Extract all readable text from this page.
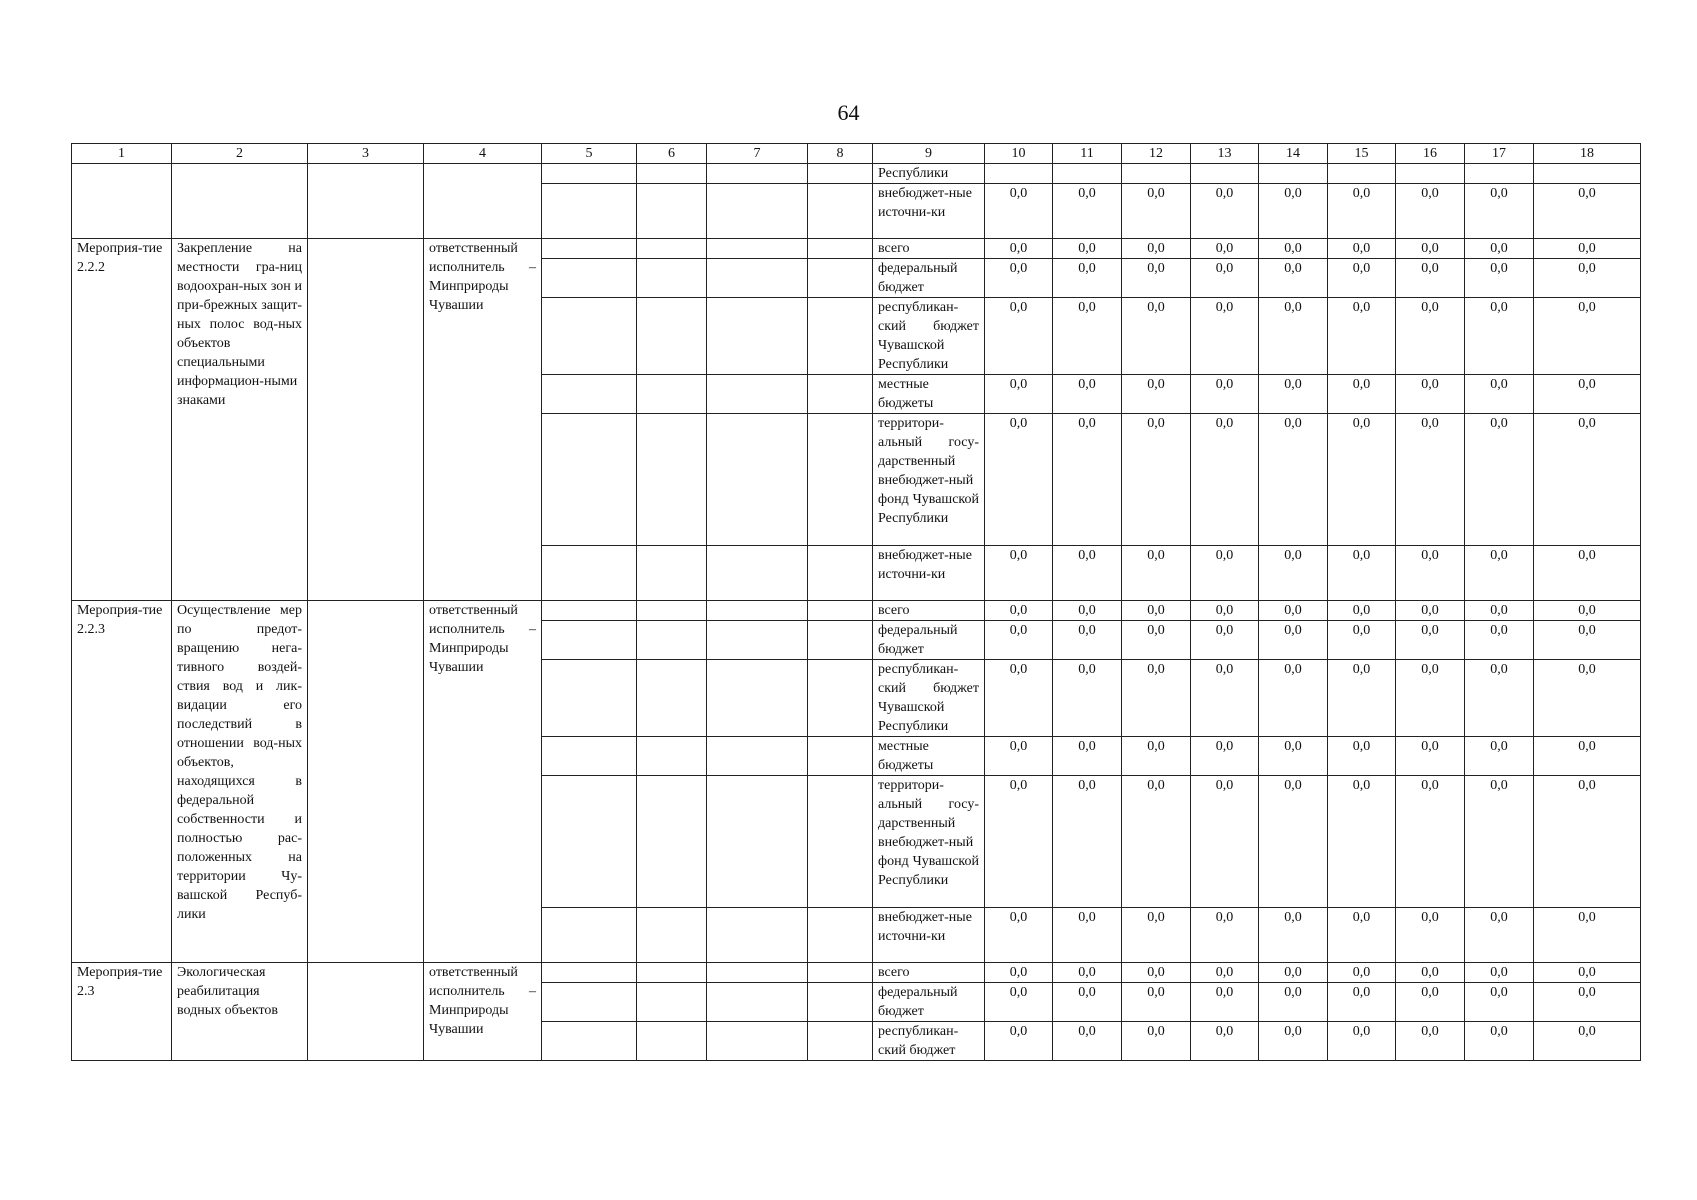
64
1	2	3	4	5	6	7	8	9	10	11	12	13	14	15	16	17	18
								Республики									
								внебюджет-ные источни-ки	0,0	0,0	0,0	0,0	0,0	0,0	0,0	0,0	0,0
Мероприя-тие 2.2.2	Закрепление на местности гра-ниц водоохран-ных зон и при-брежных защит-ных полос вод-ных объектов специальными информацион-ными знаками		ответственный исполнитель – Минприроды Чувашии					всего	0,0	0,0	0,0	0,0	0,0	0,0	0,0	0,0	0,0
								федеральный бюджет	0,0	0,0	0,0	0,0	0,0	0,0	0,0	0,0	0,0
								республикан-ский бюджет Чувашской Республики	0,0	0,0	0,0	0,0	0,0	0,0	0,0	0,0	0,0
								местные бюджеты	0,0	0,0	0,0	0,0	0,0	0,0	0,0	0,0	0,0
								территори-альный госу-дарственный внебюджет-ный фонд Чувашской Республики	0,0	0,0	0,0	0,0	0,0	0,0	0,0	0,0	0,0
								внебюджет-ные источни-ки	0,0	0,0	0,0	0,0	0,0	0,0	0,0	0,0	0,0
Мероприя-тие 2.2.3	Осуществление мер по предот-вращению нега-тивного воздей-ствия вод и лик-видации его последствий в отношении вод-ных объектов, находящихся в федеральной собственности и полностью рас-положенных на территории Чу-вашской Респуб-лики		ответственный исполнитель – Минприроды Чувашии					всего	0,0	0,0	0,0	0,0	0,0	0,0	0,0	0,0	0,0
								федеральный бюджет	0,0	0,0	0,0	0,0	0,0	0,0	0,0	0,0	0,0
								республикан-ский бюджет Чувашской Республики	0,0	0,0	0,0	0,0	0,0	0,0	0,0	0,0	0,0
								местные бюджеты	0,0	0,0	0,0	0,0	0,0	0,0	0,0	0,0	0,0
								территори-альный госу-дарственный внебюджет-ный фонд Чувашской Республики	0,0	0,0	0,0	0,0	0,0	0,0	0,0	0,0	0,0
								внебюджет-ные источни-ки	0,0	0,0	0,0	0,0	0,0	0,0	0,0	0,0	0,0
Мероприя-тие 2.3	Экологическая реабилитация водных объектов		ответственный исполнитель – Минприроды Чувашии					всего	0,0	0,0	0,0	0,0	0,0	0,0	0,0	0,0	0,0
								федеральный бюджет	0,0	0,0	0,0	0,0	0,0	0,0	0,0	0,0	0,0
								республикан-ский бюджет	0,0	0,0	0,0	0,0	0,0	0,0	0,0	0,0	0,0
